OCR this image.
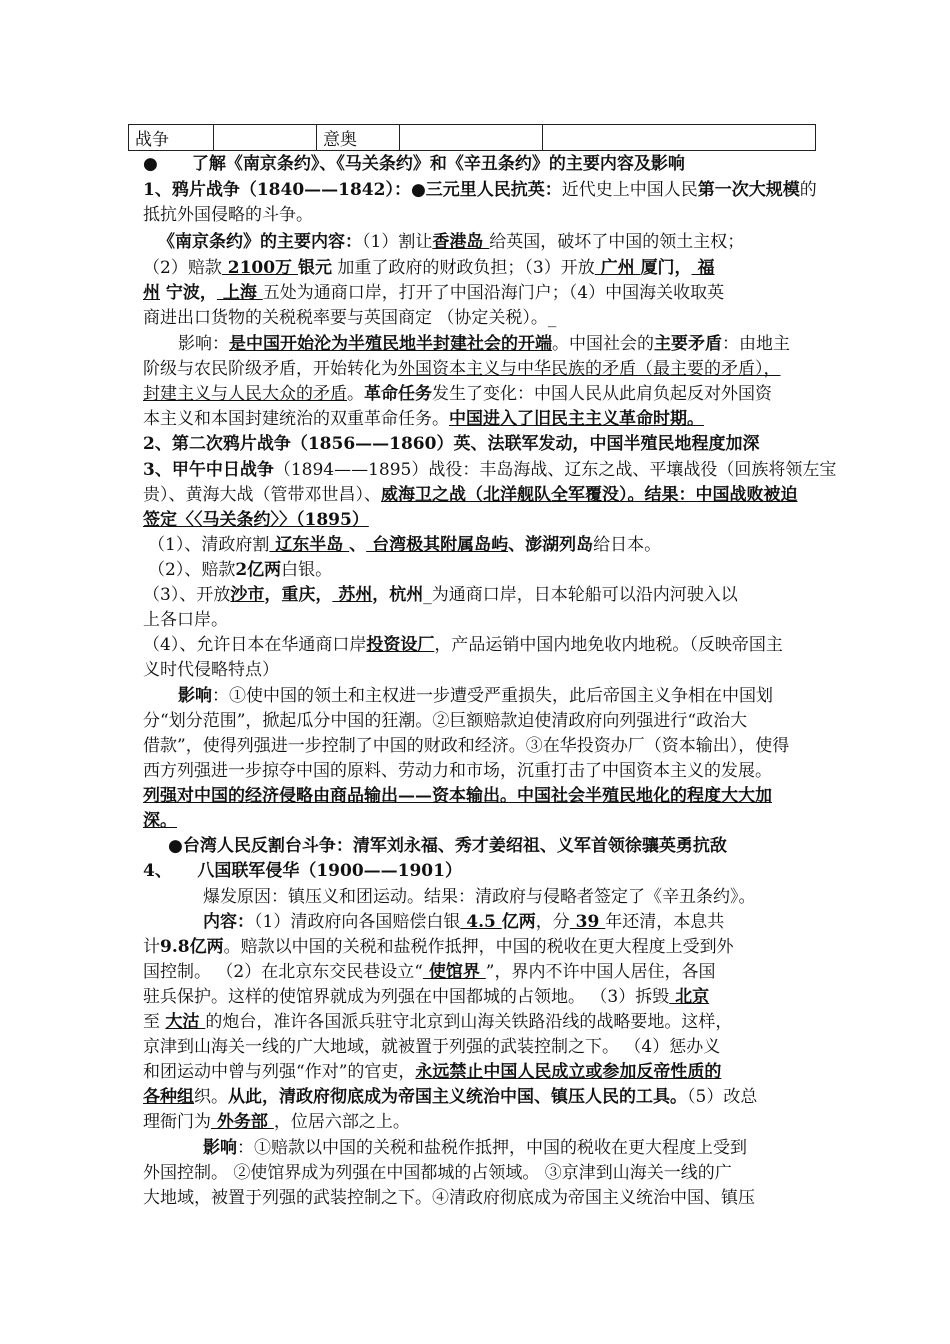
战争		意奥		
●　　了解《南京条约》、《马关条约》和《辛丑条约》的主要内容及影响
1、鸦片战争（1840——1842）：●三元里人民抗英：近代史上中国人民第一次大规模的
抵抗外国侵略的斗争。
《南京条约》的主要内容：（1）割让香港岛 给英国，破坏了中国的领土主权；
（2）赔款 2100万 银元 加重了政府的财政负担；（3）开放 广州 厦门， 福
州 宁波， 上海 五处为通商口岸，打开了中国沿海门户；（4）中国海关收取英
商进出口货物的关税税率要与英国商定 （协定关税）。_
影响：是中国开始沦为半殖民地半封建社会的开端。中国社会的主要矛盾：由地主
阶级与农民阶级矛盾，开始转化为外国资本主义与中华民族的矛盾（最主要的矛盾），
封建主义与人民大众的矛盾。革命任务发生了变化：中国人民从此肩负起反对外国资
本主义和本国封建统治的双重革命任务。中国进入了旧民主主义革命时期。
2、第二次鸦片战争（1856——1860）英、法联军发动，中国半殖民地程度加深
3、甲午中日战争（1894——1895）战役：丰岛海战、辽东之战、平壤战役（回族将领左宝
贵）、黄海大战（管带邓世昌）、威海卫之战（北洋舰队全军覆没）。结果：中国战败被迫
签定〈〈马关条约〉〉（1895）
（1）、清政府割 辽东半岛 、 台湾极其附属岛屿、澎湖列岛给日本。
（2）、赔款2亿两白银。
（3）、开放沙市，重庆， 苏州，杭州_为通商口岸，日本轮船可以沿内河驶入以
上各口岸。
（4）、允许日本在华通商口岸投资设厂，产品运销中国内地免收内地税。（反映帝国主
义时代侵略特点）
影响：①使中国的领土和主权进一步遭受严重损失，此后帝国主义争相在中国划
分“划分范围”，掀起瓜分中国的狂潮。②巨额赔款迫使清政府向列强进行“政治大
借款”，使得列强进一步控制了中国的财政和经济。③在华投资办厂（资本输出），使得
西方列强进一步掠夺中国的原料、劳动力和市场，沉重打击了中国资本主义的发展。
列强对中国的经济侵略由商品输出——资本输出。中国社会半殖民地化的程度大大加
深。
●台湾人民反割台斗争：清军刘永福、秀才姜绍祖、义军首领徐骧英勇抗敌
4、　　八国联军侵华（1900——1901）
爆发原因：镇压义和团运动。结果：清政府与侵略者签定了《辛丑条约》。
内容：（1）清政府向各国赔偿白银 4.5 亿两，分 39 年还清，本息共
计9.8亿两。赔款以中国的关税和盐税作抵押，中国的税收在更大程度上受到外
国控制。 （2）在北京东交民巷设立“ 使馆界 ”，界内不许中国人居住，各国
驻兵保护。这样的使馆界就成为列强在中国都城的占领地。 （3）拆毁 北京
至 大沽 的炮台，准许各国派兵驻守北京到山海关铁路沿线的战略要地。这样，
京津到山海关一线的广大地域，就被置于列强的武装控制之下。 （4）惩办义
和团运动中曾与列强“作对”的官吏，永远禁止中国人民成立或参加反帝性质的
各种组织。从此，清政府彻底成为帝国主义统治中国、镇压人民的工具。（5）改总
理衙门为 外务部 ，位居六部之上。
影响：①赔款以中国的关税和盐税作抵押，中国的税收在更大程度上受到
外国控制。 ②使馆界成为列强在中国都城的占领域。 ③京津到山海关一线的广
大地域，被置于列强的武装控制之下。④清政府彻底成为帝国主义统治中国、镇压
